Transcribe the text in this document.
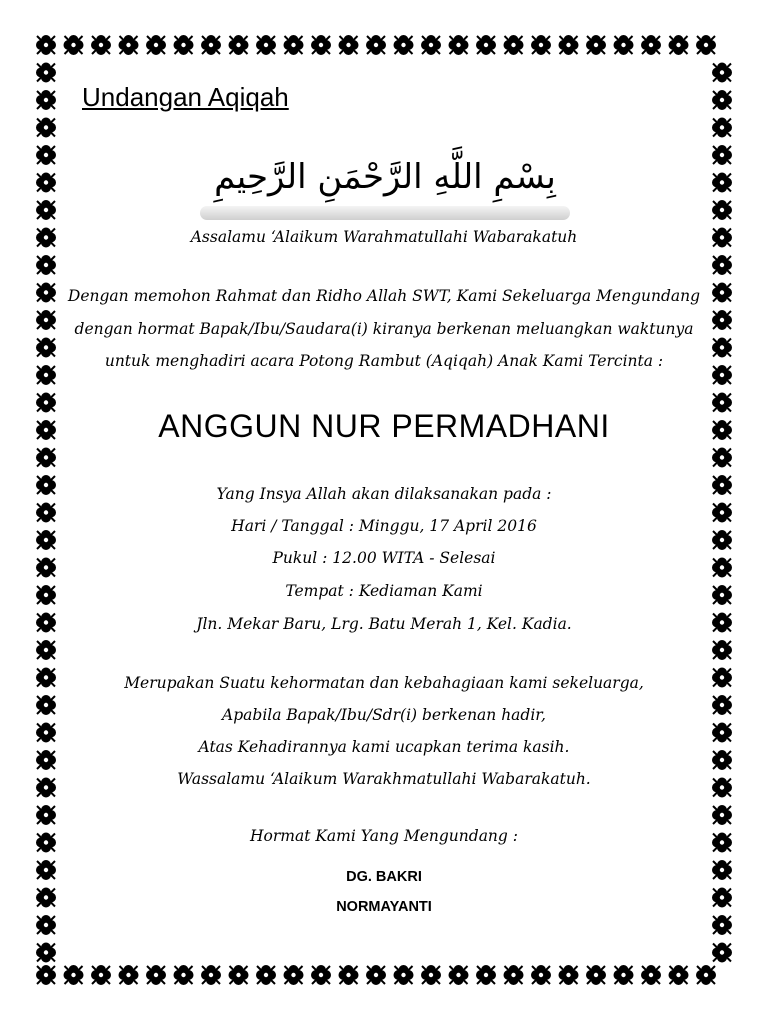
Undangan Aqiqah
بِسْمِ اللَّهِ الرَّحْمَنِ الرَّحِيمِ
Assalamu ‘Alaikum Warahmatullahi Wabarakatuh
Dengan memohon Rahmat dan Ridho Allah SWT, Kami Sekeluarga Mengundang
dengan hormat Bapak/Ibu/Saudara(i) kiranya berkenan meluangkan waktunya
untuk menghadiri acara Potong Rambut (Aqiqah) Anak Kami Tercinta :
ANGGUN NUR PERMADHANI
Yang Insya Allah akan dilaksanakan pada :
Hari / Tanggal : Minggu, 17 April 2016
Pukul : 12.00 WITA - Selesai
Tempat : Kediaman Kami
Jln. Mekar Baru, Lrg. Batu Merah 1, Kel. Kadia.
Merupakan Suatu kehormatan dan kebahagiaan kami sekeluarga,
Apabila Bapak/Ibu/Sdr(i) berkenan hadir,
Atas Kehadirannya kami ucapkan terima kasih.
Wassalamu ‘Alaikum Warakhmatullahi Wabarakatuh.
Hormat Kami Yang Mengundang :
DG. BAKRI
NORMAYANTI
